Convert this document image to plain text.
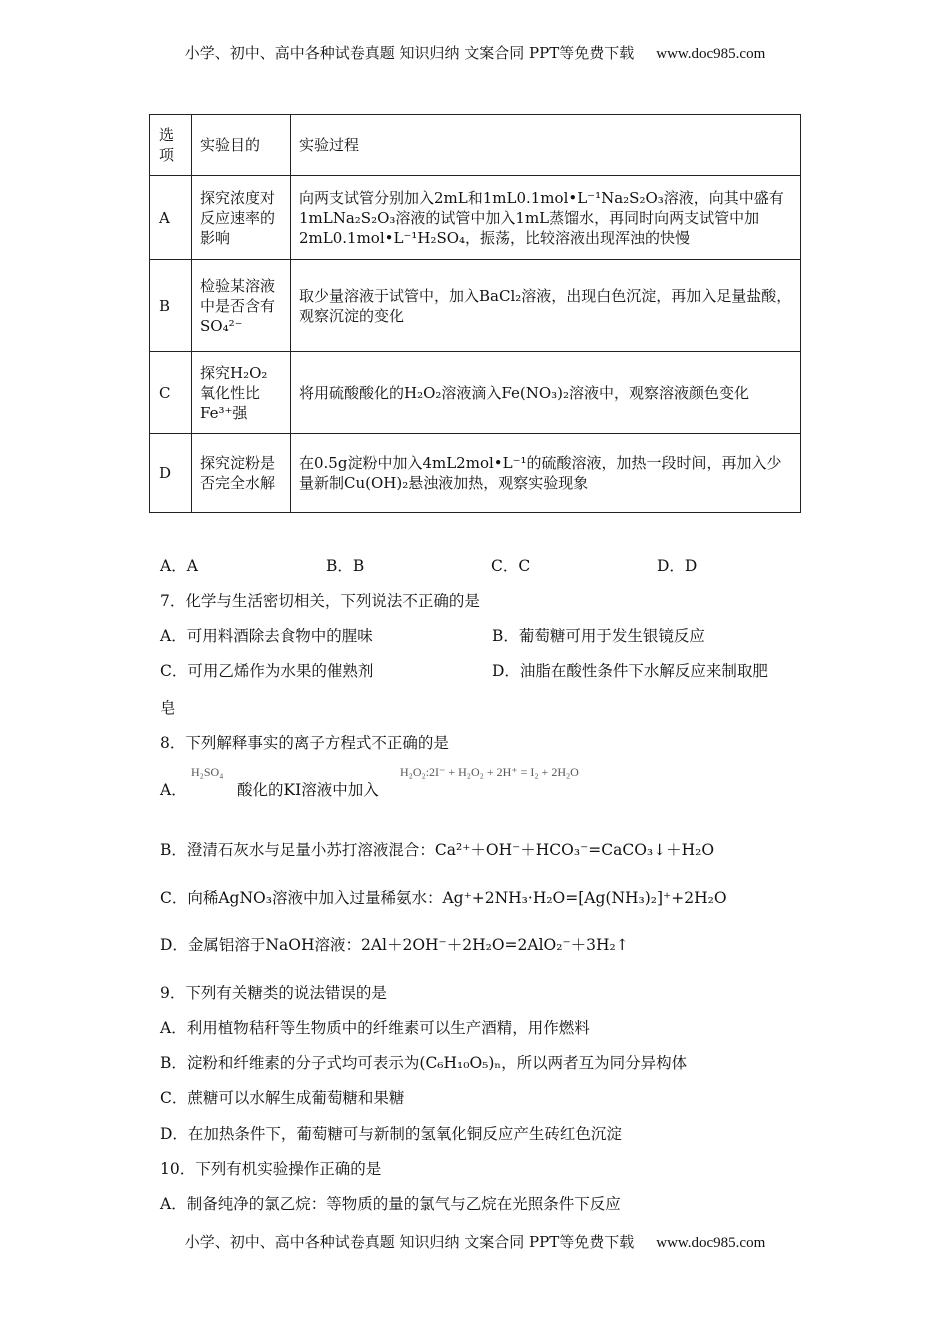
小学、初中、高中各种试卷真题 知识归纳 文案合同 PPT等免费下载 www.doc985.com
选项	实验目的	实验过程
A	探究浓度对反应速率的影响	向两支试管分别加入2mL和1mL0.1mol•L⁻¹Na₂S₂O₃溶液，向其中盛有1mLNa₂S₂O₃溶液的试管中加入1mL蒸馏水，再同时向两支试管中加2mL0.1mol•L⁻¹H₂SO₄，振荡，比较溶液出现浑浊的快慢
B	检验某溶液中是否含有SO₄²⁻	取少量溶液于试管中，加入BaCl₂溶液，出现白色沉淀，再加入足量盐酸，观察沉淀的变化
C	探究H₂O₂氧化性比Fe³⁺强	将用硫酸酸化的H₂O₂溶液滴入Fe(NO₃)₂溶液中，观察溶液颜色变化
D	探究淀粉是否完全水解	在0.5g淀粉中加入4mL2mol•L⁻¹的硫酸溶液，加热一段时间，再加入少量新制Cu(OH)₂悬浊液加热，观察实验现象
A．A	B．B	C．C	D．D
7．化学与生活密切相关，下列说法不正确的是
A．可用料酒除去食物中的腥味	B．葡萄糖可用于发生银镜反应
C．可用乙烯作为水果的催熟剂	D．油脂在酸性条件下水解反应来制取肥
皂
8．下列解释事实的离子方程式不正确的是
A．
H₂SO₄
酸化的KI溶液中加入
H₂O₂:2I⁻ + H₂O₂ + 2H⁺ = I₂ + 2H₂O
B．澄清石灰水与足量小苏打溶液混合：Ca²⁺＋OH⁻＋HCO₃⁻=CaCO₃↓＋H₂O
C．向稀AgNO₃溶液中加入过量稀氨水：Ag⁺+2NH₃·H₂O=[Ag(NH₃)₂]⁺+2H₂O
D．金属铝溶于NaOH溶液：2Al＋2OH⁻＋2H₂O=2AlO₂⁻＋3H₂↑
9．下列有关糖类的说法错误的是
A．利用植物秸秆等生物质中的纤维素可以生产酒精，用作燃料
B．淀粉和纤维素的分子式均可表示为(C₆H₁₀O₅)ₙ，所以两者互为同分异构体
C．蔗糖可以水解生成葡萄糖和果糖
D．在加热条件下，葡萄糖可与新制的氢氧化铜反应产生砖红色沉淀
10．下列有机实验操作正确的是
A．制备纯净的氯乙烷：等物质的量的氯气与乙烷在光照条件下反应
小学、初中、高中各种试卷真题 知识归纳 文案合同 PPT等免费下载 www.doc985.com
